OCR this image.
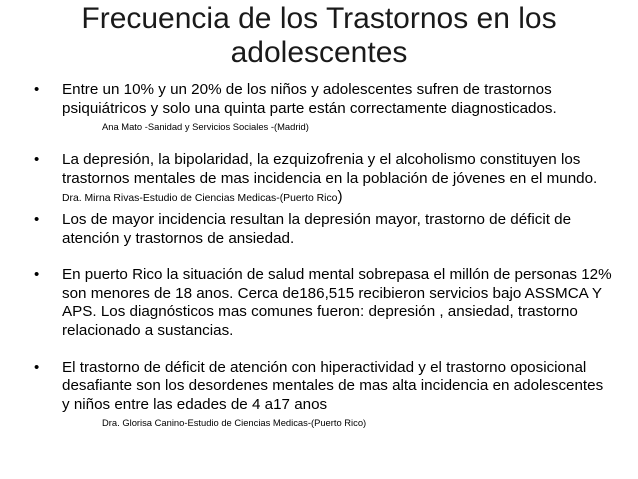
Frecuencia de los Trastornos en los adolescentes
• Entre un 10% y un 20% de los niños y adolescentes sufren de trastornos psiquiátricos y solo una quinta parte están correctamente diagnosticados.
Ana Mato -Sanidad y Servicios Sociales -(Madrid)
• La depresión, la bipolaridad, la ezquizofrenia y el alcoholismo constituyen los trastornos mentales de mas incidencia en la población de jóvenes en el mundo. Dra. Mirna Rivas-Estudio de Ciencias Medicas-(Puerto Rico)
• Los de mayor incidencia resultan la depresión mayor, trastorno de déficit de atención y trastornos de ansiedad.
• En puerto Rico la situación de salud mental sobrepasa el millón de personas 12% son menores de 18 anos. Cerca de186,515 recibieron servicios bajo ASSMCA Y APS. Los diagnósticos mas comunes fueron: depresión , ansiedad, trastorno relacionado a sustancias.
• El trastorno de déficit de atención con hiperactividad y el trastorno oposicional desafiante son los desordenes mentales de mas alta incidencia en adolescentes y niños entre las edades de 4 a17 anos
Dra. Glorisa Canino-Estudio de Ciencias Medicas-(Puerto Rico)
